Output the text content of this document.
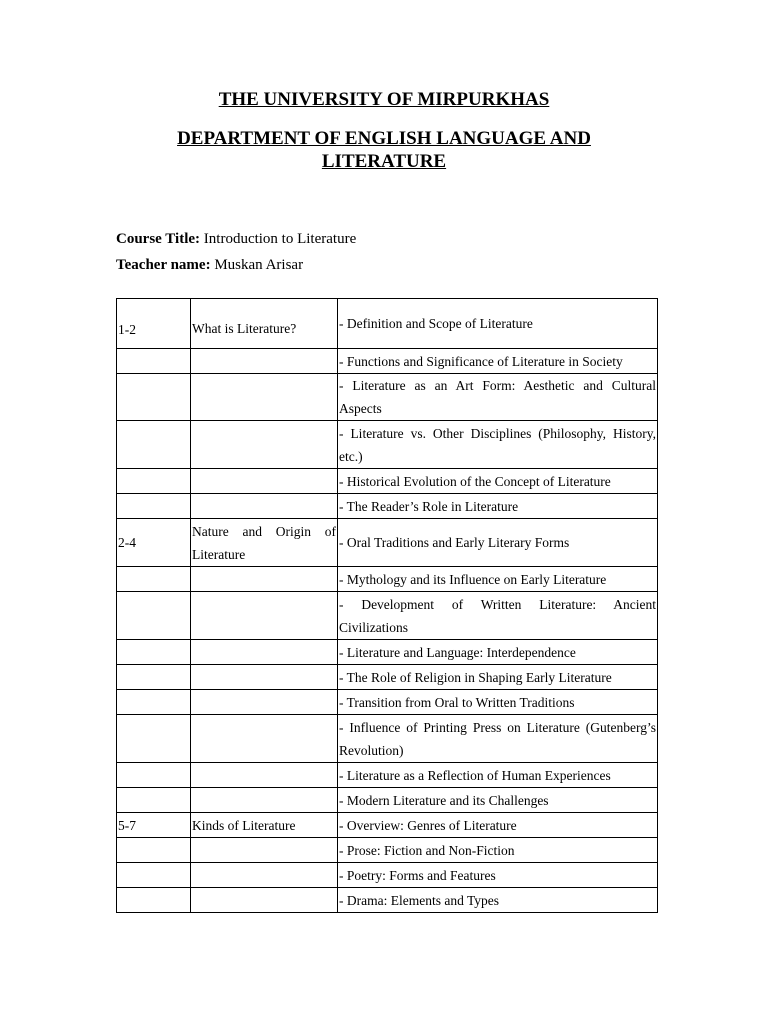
THE UNIVERSITY OF MIRPURKHAS
DEPARTMENT OF ENGLISH LANGUAGE AND LITERATURE

Course Title: Introduction to Literature

Teacher name: Muskan Arisar

1-2	What is Literature?	- Definition and Scope of Literature
		- Functions and Significance of Literature in Society
		- Literature as an Art Form: Aesthetic and Cultural Aspects
		- Literature vs. Other Disciplines (Philosophy, History, etc.)
		- Historical Evolution of the Concept of Literature
		- The Reader’s Role in Literature
2-4	Nature and Origin of Literature	- Oral Traditions and Early Literary Forms
		- Mythology and its Influence on Early Literature
		- Development of Written Literature: Ancient Civilizations
		- Literature and Language: Interdependence
		- The Role of Religion in Shaping Early Literature
		- Transition from Oral to Written Traditions
		- Influence of Printing Press on Literature (Gutenberg’s Revolution)
		- Literature as a Reflection of Human Experiences
		- Modern Literature and its Challenges
5-7	Kinds of Literature	- Overview: Genres of Literature
		- Prose: Fiction and Non-Fiction
		- Poetry: Forms and Features
		- Drama: Elements and Types
